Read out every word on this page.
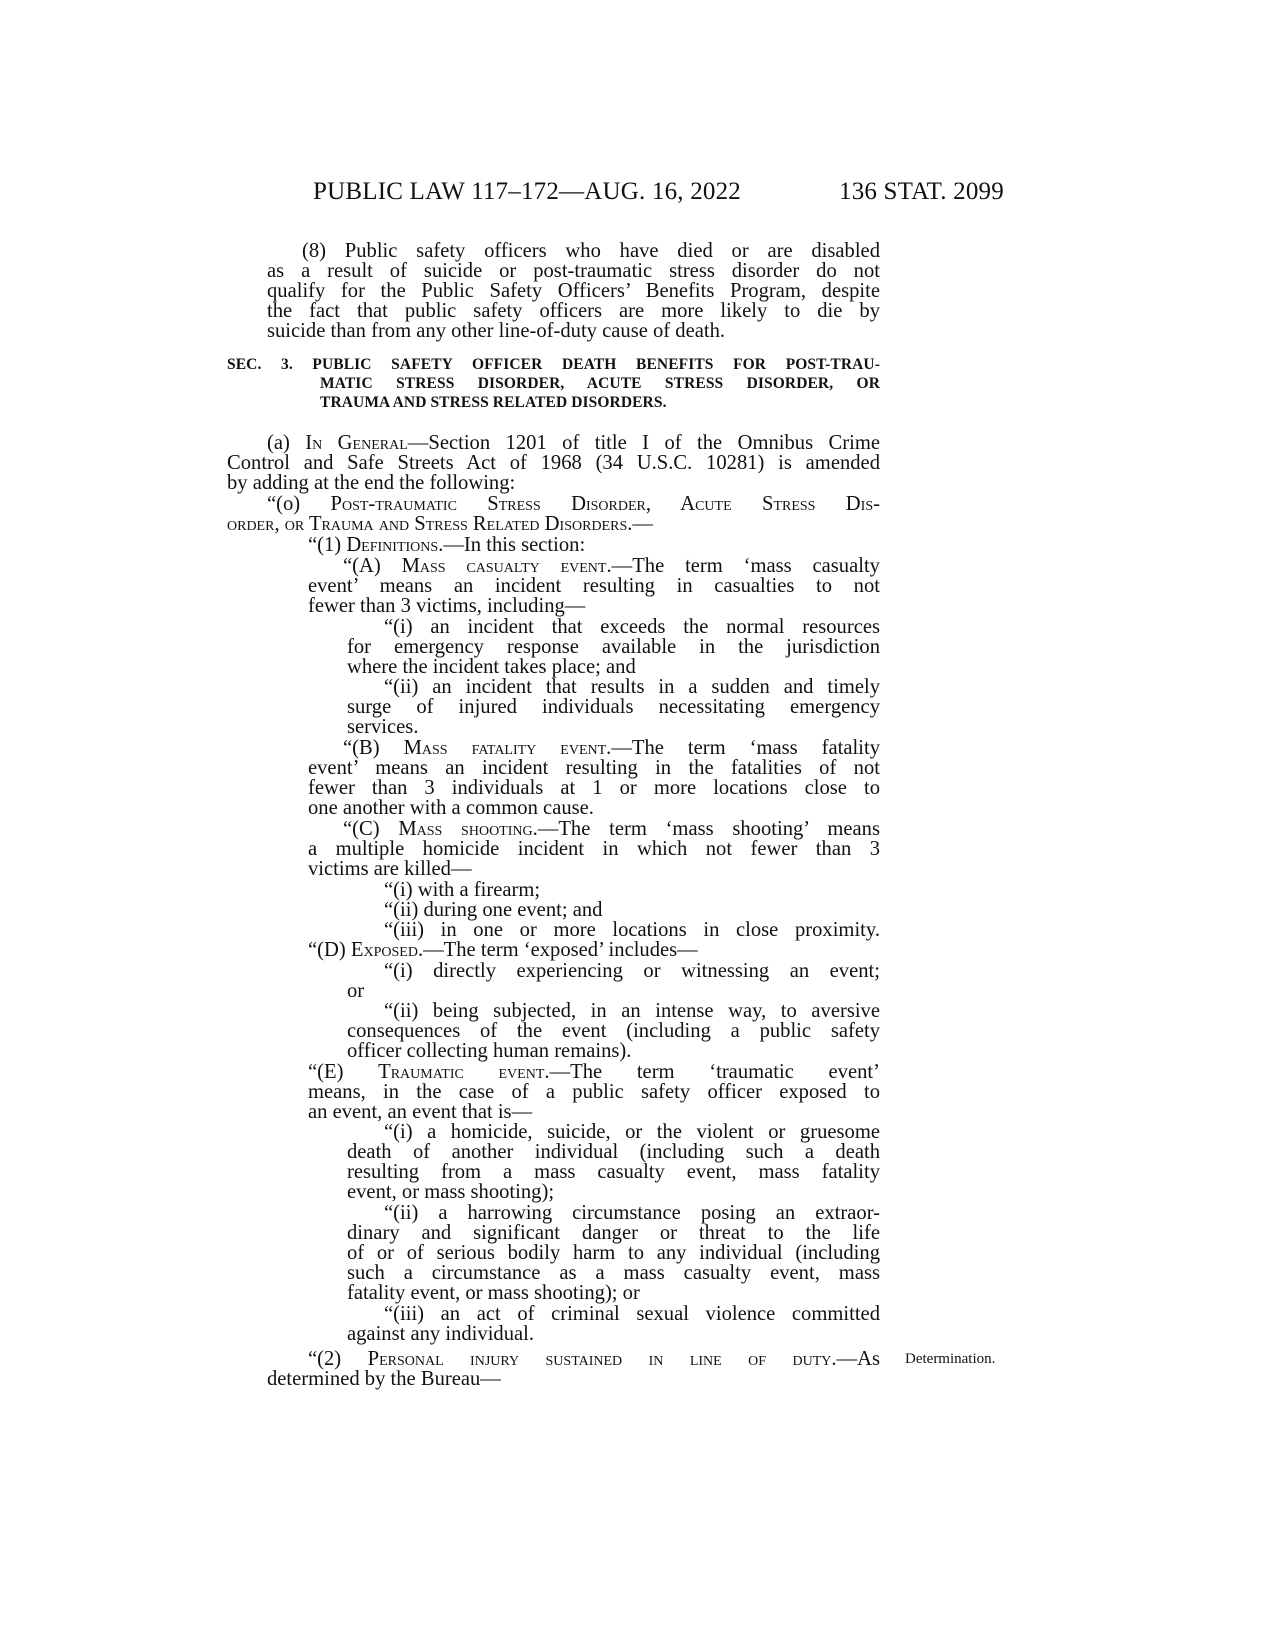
PUBLIC LAW 117–172—AUG. 16, 2022	136 STAT. 2099
(8) Public safety officers who have died or are disabled
as a result of suicide or post-traumatic stress disorder do not
qualify for the Public Safety Officers’ Benefits Program, despite
the fact that public safety officers are more likely to die by
suicide than from any other line-of-duty cause of death.
SEC. 3. PUBLIC SAFETY OFFICER DEATH BENEFITS FOR POST-TRAU-
MATIC STRESS DISORDER, ACUTE STRESS DISORDER, OR
TRAUMA AND STRESS RELATED DISORDERS.
(a) In General—Section 1201 of title I of the Omnibus Crime
Control and Safe Streets Act of 1968 (34 U.S.C. 10281) is amended
by adding at the end the following:
“(o) Post-traumatic Stress Disorder, Acute Stress Dis-
order, or Trauma and Stress Related Disorders.—
“(1) Definitions.—In this section:
“(A) Mass casualty event.—The term ‘mass casualty
event’ means an incident resulting in casualties to not
fewer than 3 victims, including—
“(i) an incident that exceeds the normal resources
for emergency response available in the jurisdiction
where the incident takes place; and
“(ii) an incident that results in a sudden and timely
surge of injured individuals necessitating emergency
services.
“(B) Mass fatality event.—The term ‘mass fatality
event’ means an incident resulting in the fatalities of not
fewer than 3 individuals at 1 or more locations close to
one another with a common cause.
“(C) Mass shooting.—The term ‘mass shooting’ means
a multiple homicide incident in which not fewer than 3
victims are killed—
“(i) with a firearm;
“(ii) during one event; and
“(iii) in one or more locations in close proximity.
“(D) Exposed.—The term ‘exposed’ includes—
“(i) directly experiencing or witnessing an event;
or
“(ii) being subjected, in an intense way, to aversive
consequences of the event (including a public safety
officer collecting human remains).
“(E) Traumatic event.—The term ‘traumatic event’
means, in the case of a public safety officer exposed to
an event, an event that is—
“(i) a homicide, suicide, or the violent or gruesome
death of another individual (including such a death
resulting from a mass casualty event, mass fatality
event, or mass shooting);
“(ii) a harrowing circumstance posing an extraor-
dinary and significant danger or threat to the life
of or of serious bodily harm to any individual (including
such a circumstance as a mass casualty event, mass
fatality event, or mass shooting); or
“(iii) an act of criminal sexual violence committed
against any individual.
“(2) Personal injury sustained in line of duty.—As
determined by the Bureau—
Determination.
